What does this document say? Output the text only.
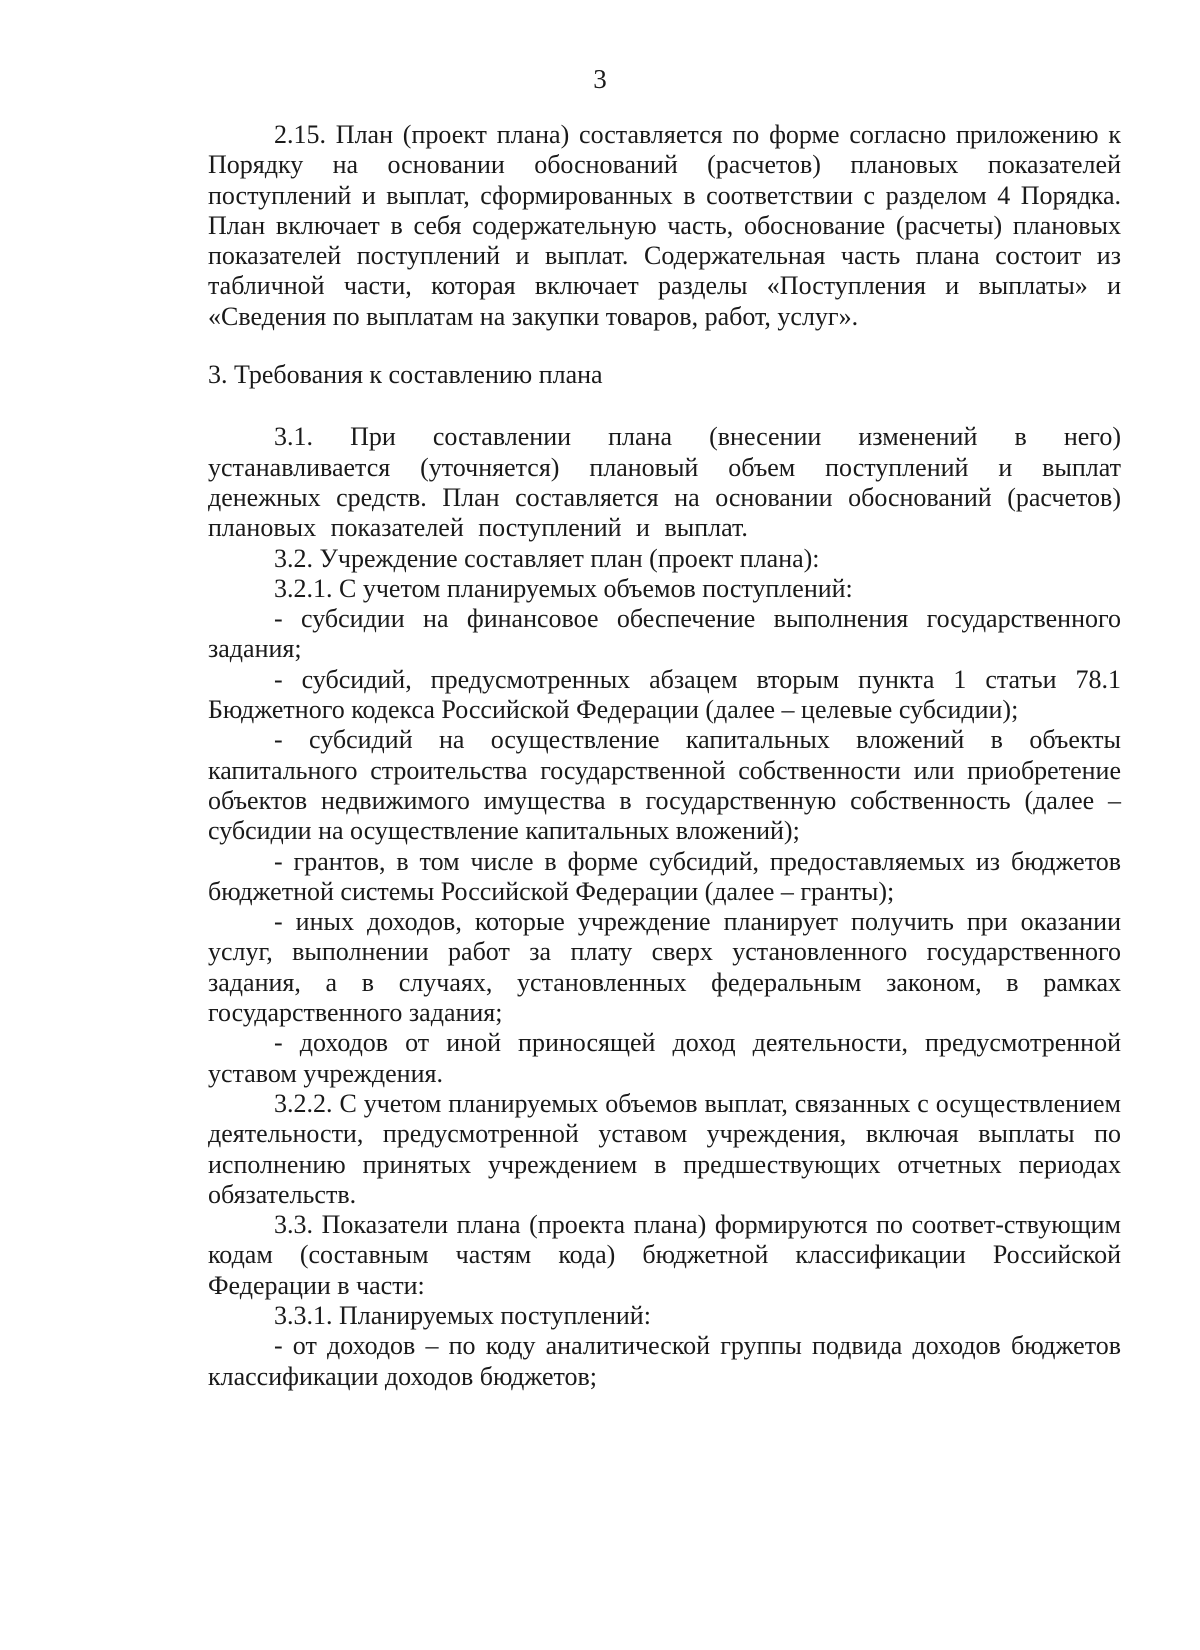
3

2.15. План (проект плана) составляется по форме согласно приложению к Порядку на основании обоснований (расчетов) плановых показателей поступлений и выплат, сформированных в соответствии с разделом 4 Порядка. План включает в себя содержательную часть, обоснование (расчеты) плановых показателей поступлений и выплат. Содержательная часть плана состоит из табличной части, которая включает разделы «Поступления и выплаты» и «Сведения по выплатам на закупки товаров, работ, услуг».

3. Требования к составлению плана

3.1. При составлении плана (внесении изменений в него) устанавливается (уточняется) плановый объем поступлений и выплат денежных средств. План составляется на основании обоснований (расчетов) плановых показателей поступлений и выплат.

3.2. Учреждение составляет план (проект плана):

3.2.1. С учетом планируемых объемов поступлений:

- субсидии на финансовое обеспечение выполнения государственного задания;

- субсидий, предусмотренных абзацем вторым пункта 1 статьи 78.1 Бюджетного кодекса Российской Федерации (далее – целевые субсидии);

- субсидий на осуществление капитальных вложений в объекты капитального строительства государственной собственности или приобретение объектов недвижимого имущества в государственную собственность (далее – субсидии на осуществление капитальных вложений);

- грантов, в том числе в форме субсидий, предоставляемых из бюджетов бюджетной системы Российской Федерации (далее – гранты);

- иных доходов, которые учреждение планирует получить при оказании услуг, выполнении работ за плату сверх установленного государственного задания, а в случаях, установленных федеральным законом, в рамках государственного задания;

- доходов от иной приносящей доход деятельности, предусмотренной уставом учреждения.

3.2.2. С учетом планируемых объемов выплат, связанных с осуществлением деятельности, предусмотренной уставом учреждения, включая выплаты по исполнению принятых учреждением в предшествующих отчетных периодах обязательств.

3.3. Показатели плана (проекта плана) формируются по соответ-ствующим кодам (составным частям кода) бюджетной классификации Российской Федерации в части:

3.3.1. Планируемых поступлений:

- от доходов – по коду аналитической группы подвида доходов бюджетов классификации доходов бюджетов;
